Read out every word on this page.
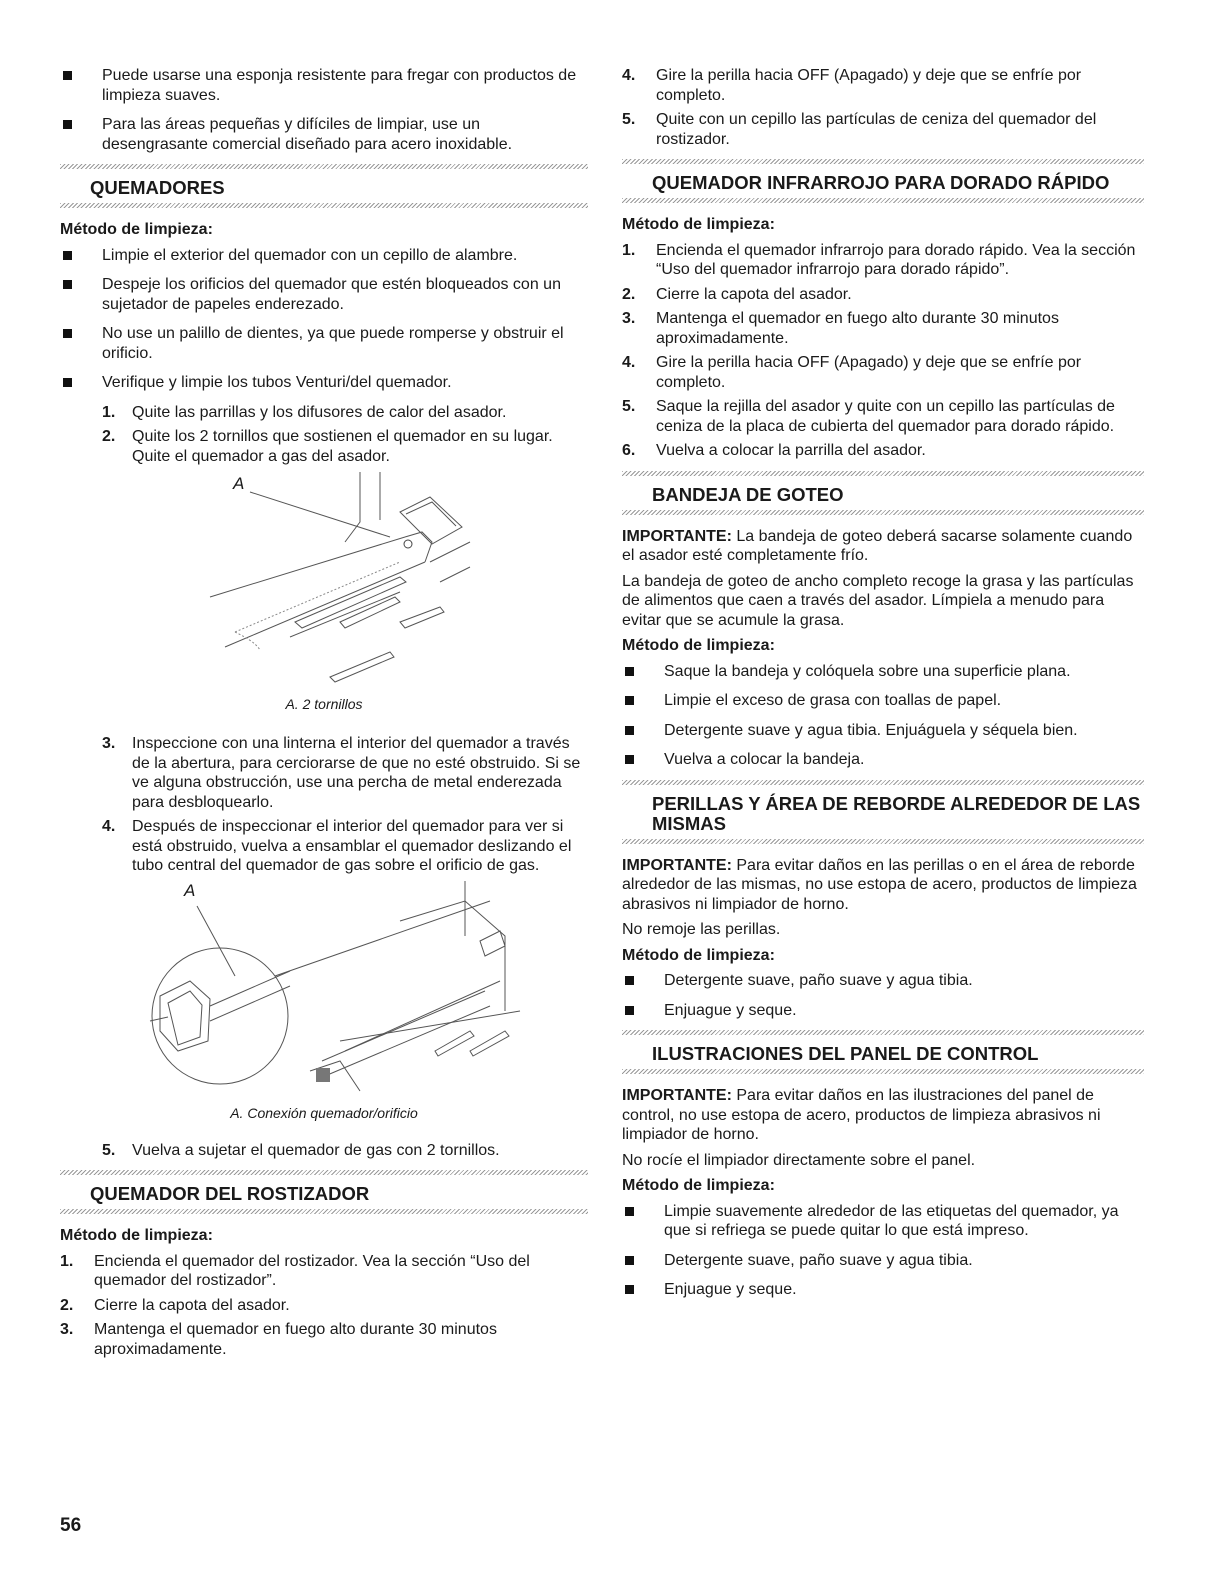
Puede usarse una esponja resistente para fregar con productos de limpieza suaves.
Para las áreas pequeñas y difíciles de limpiar, use un desengrasante comercial diseñado para acero inoxidable.
QUEMADORES
Método de limpieza:
Limpie el exterior del quemador con un cepillo de alambre.
Despeje los orificios del quemador que estén bloqueados con un sujetador de papeles enderezado.
No use un palillo de dientes, ya que puede romperse y obstruir el orificio.
Verifique y limpie los tubos Venturi/del quemador.
1. Quite las parrillas y los difusores de calor del asador.
2. Quite los 2 tornillos que sostienen el quemador en su lugar. Quite el quemador a gas del asador.
A
A. 2 tornillos
3. Inspeccione con una linterna el interior del quemador a través de la abertura, para cerciorarse de que no esté obstruido. Si se ve alguna obstrucción, use una percha de metal enderezada para desbloquearlo.
4. Después de inspeccionar el interior del quemador para ver si está obstruido, vuelva a ensamblar el quemador deslizando el tubo central del quemador de gas sobre el orificio de gas.
A
A. Conexión quemador/orificio
5. Vuelva a sujetar el quemador de gas con 2 tornillos.
QUEMADOR DEL ROSTIZADOR
Método de limpieza:
1. Encienda el quemador del rostizador. Vea la sección “Uso del quemador del rostizador”.
2. Cierre la capota del asador.
3. Mantenga el quemador en fuego alto durante 30 minutos aproximadamente.
4. Gire la perilla hacia OFF (Apagado) y deje que se enfríe por completo.
5. Quite con un cepillo las partículas de ceniza del quemador del rostizador.
QUEMADOR INFRARROJO PARA DORADO RÁPIDO
Método de limpieza:
1. Encienda el quemador infrarrojo para dorado rápido. Vea la sección “Uso del quemador infrarrojo para dorado rápido”.
2. Cierre la capota del asador.
3. Mantenga el quemador en fuego alto durante 30 minutos aproximadamente.
4. Gire la perilla hacia OFF (Apagado) y deje que se enfríe por completo.
5. Saque la rejilla del asador y quite con un cepillo las partículas de ceniza de la placa de cubierta del quemador para dorado rápido.
6. Vuelva a colocar la parrilla del asador.
BANDEJA DE GOTEO
IMPORTANTE: La bandeja de goteo deberá sacarse solamente cuando el asador esté completamente frío.
La bandeja de goteo de ancho completo recoge la grasa y las partículas de alimentos que caen a través del asador. Límpiela a menudo para evitar que se acumule la grasa.
Método de limpieza:
Saque la bandeja y colóquela sobre una superficie plana.
Limpie el exceso de grasa con toallas de papel.
Detergente suave y agua tibia. Enjuáguela y séquela bien.
Vuelva a colocar la bandeja.
PERILLAS Y ÁREA DE REBORDE ALREDEDOR DE LAS MISMAS
IMPORTANTE: Para evitar daños en las perillas o en el área de reborde alrededor de las mismas, no use estopa de acero, productos de limpieza abrasivos ni limpiador de horno.
No remoje las perillas.
Método de limpieza:
Detergente suave, paño suave y agua tibia.
Enjuague y seque.
ILUSTRACIONES DEL PANEL DE CONTROL
IMPORTANTE: Para evitar daños en las ilustraciones del panel de control, no use estopa de acero, productos de limpieza abrasivos ni limpiador de horno.
No rocíe el limpiador directamente sobre el panel.
Método de limpieza:
Limpie suavemente alrededor de las etiquetas del quemador, ya que si refriega se puede quitar lo que está impreso.
Detergente suave, paño suave y agua tibia.
Enjuague y seque.
56
